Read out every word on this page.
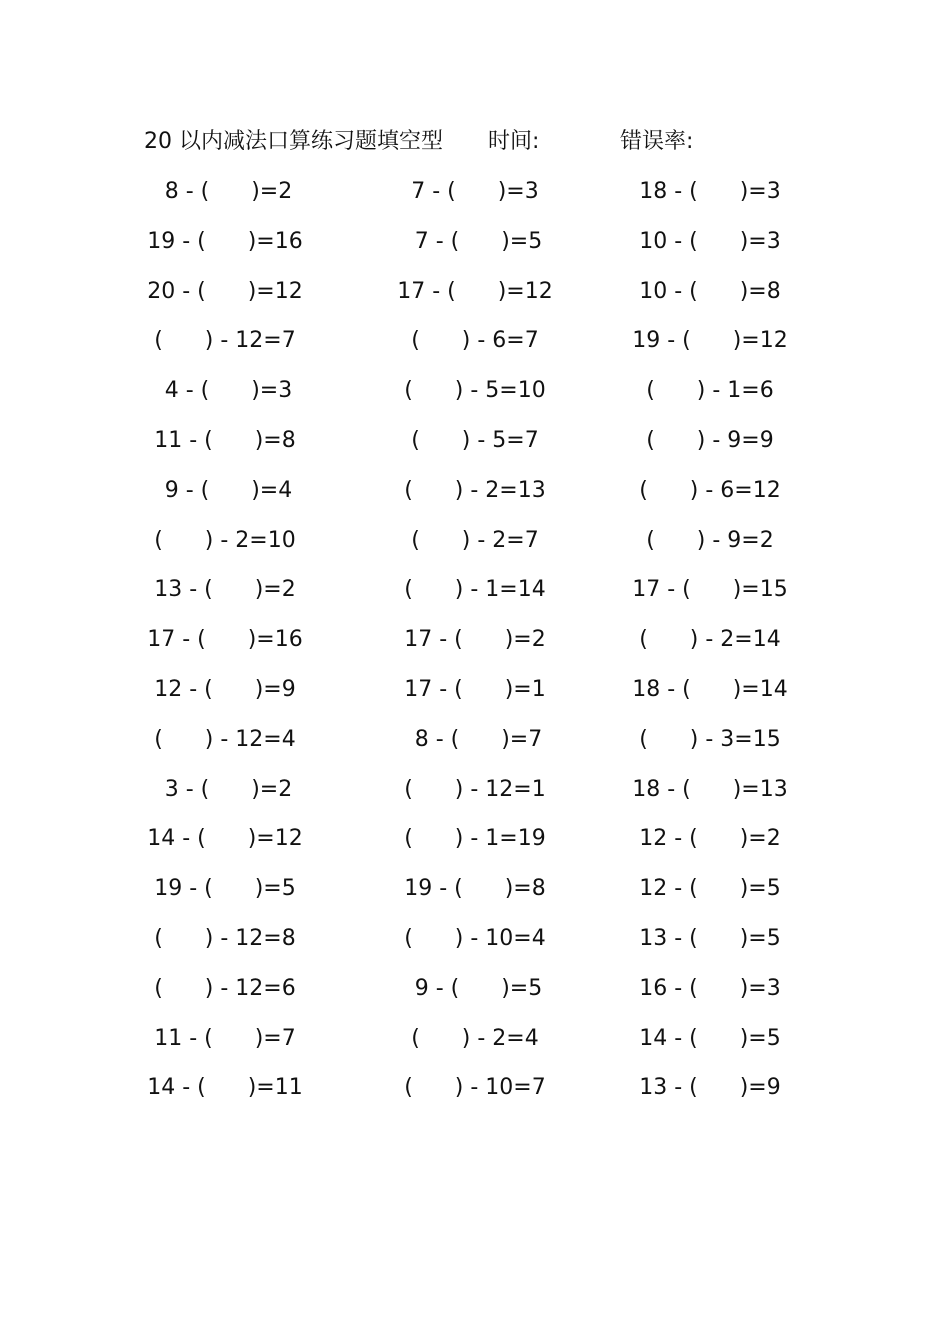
20 以内减法口算练习题填空型 时间:	错误率:
8 - (      )=2	7 - (      )=3	18 - (      )=3
19 - (      )=16	7 - (      )=5	10 - (      )=3
20 - (      )=12	17 - (      )=12	10 - (      )=8
(      ) - 12=7	(      ) - 6=7	19 - (      )=12
4 - (      )=3	(      ) - 5=10	(      ) - 1=6
11 - (      )=8	(      ) - 5=7	(      ) - 9=9
9 - (      )=4	(      ) - 2=13	(      ) - 6=12
(      ) - 2=10	(      ) - 2=7	(      ) - 9=2
13 - (      )=2	(      ) - 1=14	17 - (      )=15
17 - (      )=16	17 - (      )=2	(      ) - 2=14
12 - (      )=9	17 - (      )=1	18 - (      )=14
(      ) - 12=4	8 - (      )=7	(      ) - 3=15
3 - (      )=2	(      ) - 12=1	18 - (      )=13
14 - (      )=12	(      ) - 1=19	12 - (      )=2
19 - (      )=5	19 - (      )=8	12 - (      )=5
(      ) - 12=8	(      ) - 10=4	13 - (      )=5
(      ) - 12=6	9 - (      )=5	16 - (      )=3
11 - (      )=7	(      ) - 2=4	14 - (      )=5
14 - (      )=11	(      ) - 10=7	13 - (      )=9
